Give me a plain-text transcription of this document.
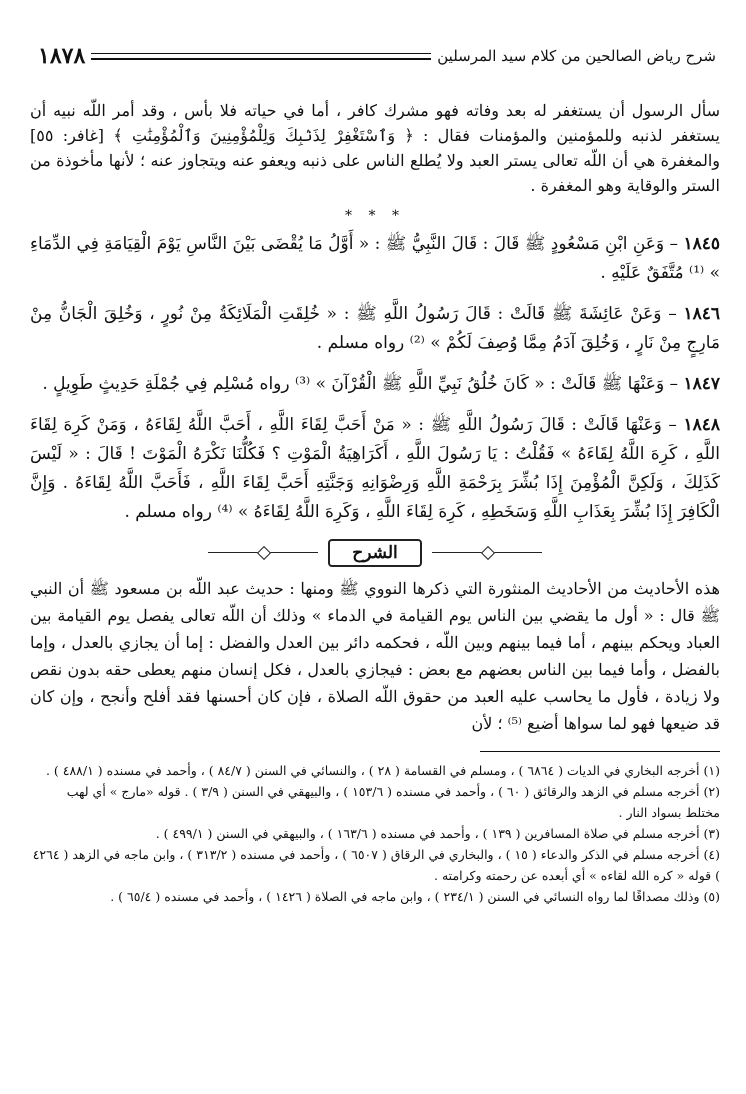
شرح رياض الصالحين من كلام سيد المرسلين
١٨٧٨

سأل الرسول أن يستغفر له بعد وفاته فهو مشرك كافر ، أما في حياته فلا بأس ، وقد أمر اللّه نبيه أن يستغفر لذنبه وللمؤمنين والمؤمنات فقال : ﴿ وَٱسْتَغْفِرْ لِذَنۢبِكَ وَلِلْمُؤْمِنِينَ وَٱلْمُؤْمِنَٰتِ ﴾ [غافر: ٥٥] والمغفرة هي أن اللّه تعالى يستر العبد ولا يُطلع الناس على ذنبه ويعفو عنه ويتجاوز عنه ؛ لأنها مأخوذة من الستر والوقاية وهو المغفرة .

* * *

١٨٤٥ – وَعَنِ ابْنِ مَسْعُودٍ ﷺ قَالَ : قَالَ النَّبِيُّ ﷺ : « أَوَّلُ مَا يُقْضَى بَيْنَ النَّاسِ يَوْمَ الْقِيَامَةِ فِي الدِّمَاءِ » ⁽¹⁾ مُتَّفَقٌ عَلَيْهِ .

١٨٤٦ – وَعَنْ عَائِشَةَ ﷺ قَالَتْ : قَالَ رَسُولُ اللَّهِ ﷺ : « خُلِقَتِ الْمَلَائِكَةُ مِنْ نُورٍ ، وَخُلِقَ الْجَانُّ مِنْ مَارِجٍ مِنْ نَارٍ ، وَخُلِقَ آدَمُ مِمَّا وُصِفَ لَكُمْ » ⁽²⁾ رواه مسلم .

١٨٤٧ – وَعَنْهَا ﷺ قَالَتْ : « كَانَ خُلُقُ نَبِيِّ اللَّهِ ﷺ الْقُرْآنَ » ⁽³⁾ رواه مُسْلِم فِي جُمْلَةِ حَدِيثٍ طَوِيلٍ .

١٨٤٨ – وَعَنْهَا قَالَتْ : قَالَ رَسُولُ اللَّهِ ﷺ : « مَنْ أَحَبَّ لِقَاءَ اللَّهِ ، أَحَبَّ اللَّهُ لِقَاءَهُ ، وَمَنْ كَرِهَ لِقَاءَ اللَّهِ ، كَرِهَ اللَّهُ لِقَاءَهُ » فَقُلْتُ : يَا رَسُولَ اللَّهِ ، أَكَرَاهِيَةُ الْمَوْتِ ؟ فَكُلُّنَا نَكْرَهُ الْمَوْتَ ! قَالَ : « لَيْسَ كَذَلِكَ ، وَلَكِنَّ الْمُؤْمِنَ إِذَا بُشِّرَ بِرَحْمَةِ اللَّهِ وَرِضْوَانِهِ وَجَنَّتِهِ أَحَبَّ لِقَاءَ اللَّهِ ، فَأَحَبَّ اللَّهُ لِقَاءَهُ . وَإِنَّ الْكَافِرَ إِذَا بُشِّرَ بِعَذَابِ اللَّهِ وَسَخَطِهِ ، كَرِهَ لِقَاءَ اللَّهِ ، وَكَرِهَ اللَّهُ لِقَاءَهُ » ⁽⁴⁾ رواه مسلم .

الشرح

هذه الأحاديث من الأحاديث المنثورة التي ذكرها النووي ﷺ ومنها : حديث عبد اللّه بن مسعود ﷺ أن النبي ﷺ قال : « أول ما يقضي بين الناس يوم القيامة في الدماء » وذلك أن اللّه تعالى يفصل يوم القيامة بين العباد ويحكم بينهم ، أما فيما بينهم وبين اللّه ، فحكمه دائر بين العدل والفضل : إما أن يجازي بالعدل ، وإما بالفضل ، وأما فيما بين الناس بعضهم مع بعض : فيجازي بالعدل ، فكل إنسان منهم يعطى حقه بدون نقص ولا زيادة ، فأول ما يحاسب عليه العبد من حقوق اللّه الصلاة ، فإن كان أحسنها فقد أفلح وأنجح ، وإن كان قد ضيعها فهو لما سواها أضيع ⁽⁵⁾ ؛ لأن

(١) أخرجه البخاري في الديات ( ٦٨٦٤ ) ، ومسلم في القسامة ( ٢٨ ) ، والنسائي في السنن ( ٨٤/٧ ) ، وأحمد في مسنده ( ٤٨٨/١ ) .

(٢) أخرجه مسلم في الزهد والرقائق ( ٦٠ ) ، وأحمد في مسنده ( ١٥٣/٦ ) ، والبيهقي في السنن ( ٣/٩ ) . قوله «مارج » أي لهب مختلط بسواد النار .

(٣) أخرجه مسلم في صلاة المسافرين ( ١٣٩ ) ، وأحمد في مسنده ( ١٦٣/٦ ) ، والبيهقي في السنن ( ٤٩٩/١ ) .

(٤) أخرجه مسلم في الذكر والدعاء ( ١٥ ) ، والبخاري في الرقاق ( ٦٥٠٧ ) ، وأحمد في مسنده ( ٣١٣/٢ ) ، وابن ماجه في الزهد ( ٤٢٦٤ ) قوله « كره الله لقاءه » أي أبعده عن رحمته وكرامته .

(٥) وذلك مصداقًا لما رواه النسائي في السنن ( ٢٣٤/١ ) ، وابن ماجه في الصلاة ( ١٤٢٦ ) ، وأحمد في مسنده ( ٦٥/٤ ) .
